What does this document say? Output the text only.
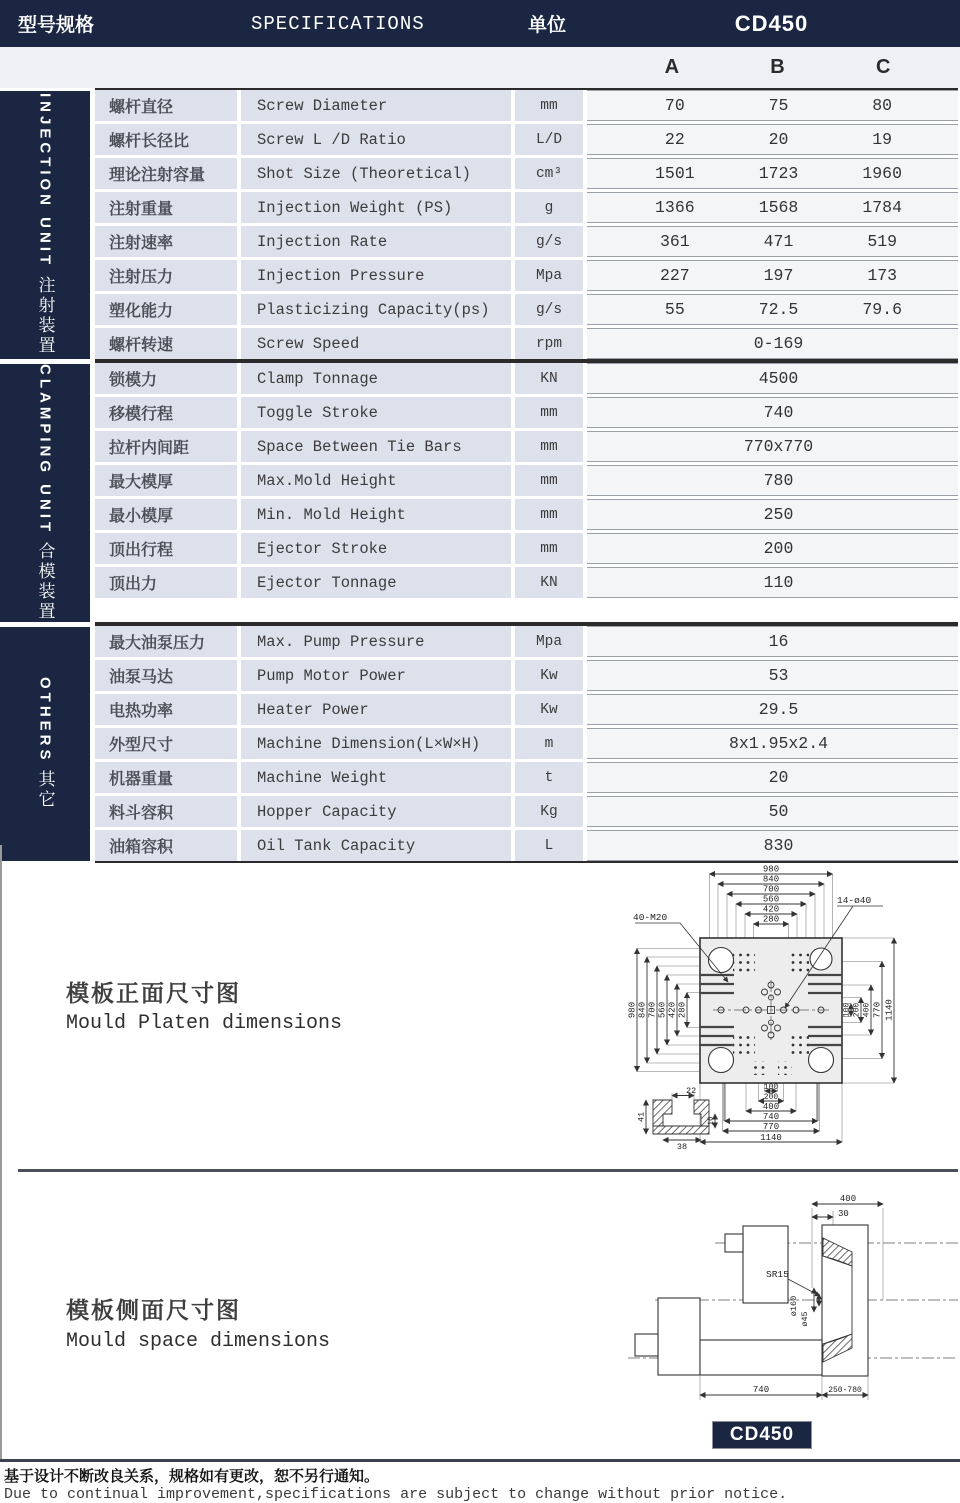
型号规格	SPECIFICATIONS	单位	CD450
A	B	C
INJECTION UNIT
注射装置
螺杆直径	Screw Diameter	mm	70	75	80
螺杆长径比	Screw L /D Ratio	L/D	22	20	19
理论注射容量	Shot Size (Theoretical)	cm³	1501	1723	1960
注射重量	Injection Weight (PS)	g	1366	1568	1784
注射速率	Injection Rate	g/s	361	471	519
注射压力	Injection Pressure	Mpa	227	197	173
塑化能力	Plasticizing Capacity(ps)	g/s	55	72.5	79.6
螺杆转速	Screw Speed	rpm	0-169
CLAMPING UNIT
合模装置
锁模力	Clamp Tonnage	KN	4500
移模行程	Toggle Stroke	mm	740
拉杆内间距	Space Between Tie Bars	mm	770x770
最大模厚	Max.Mold Height	mm	780
最小模厚	Min. Mold Height	mm	250
顶出行程	Ejector Stroke	mm	200
顶出力	Ejector Tonnage	KN	110
OTHERS
其它
最大油泵压力	Max. Pump Pressure	Mpa	16
油泵马达	Pump Motor Power	Kw	53
电热功率	Heater Power	Kw	29.5
外型尺寸	Machine Dimension(L×W×H)	m	8x1.95x2.4
机器重量	Machine Weight	t	20
料斗容积	Hopper Capacity	Kg	50
油箱容积	Oil Tank Capacity	L	830
模板正面尺寸图
Mould Platen dimensions
980
840
700
560
420
280
980 840 700 560 420 280	100 200 400 770 1140
100
200
400
740
770
1140
40-M20
14-ø40
22
41
38
16
模板侧面尺寸图
Mould space dimensions
400
30
SR15
ø160
ø45
740	250-780
CD450
基于设计不断改良关系，规格如有更改，恕不另行通知。
Due to continual improvement,specifications are subject to change without prior notice.
